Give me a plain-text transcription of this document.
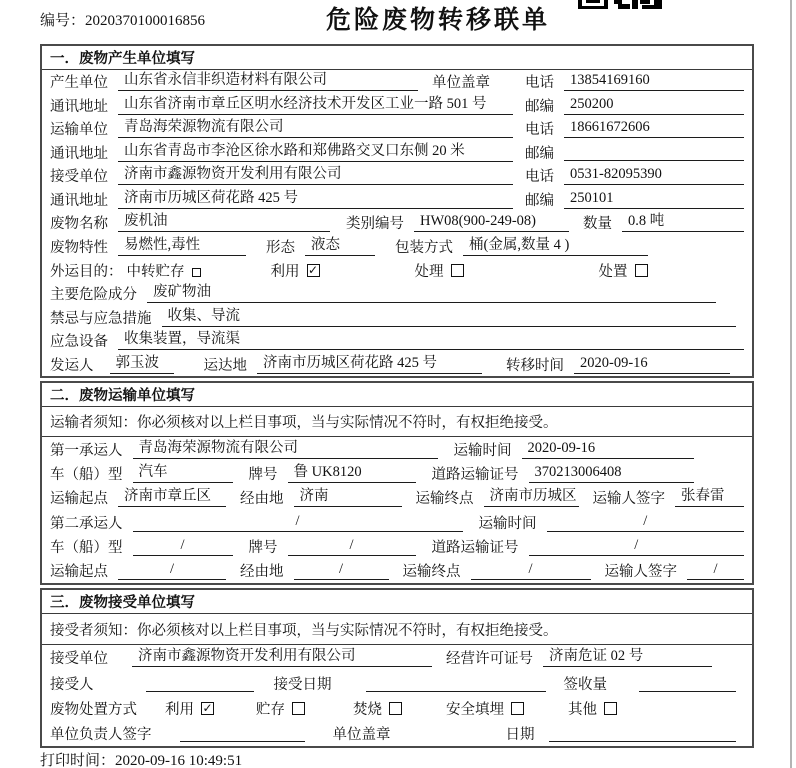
编号：2020370100016856	危险废物转移联单
一．废物产生单位填写
产生单位	山东省永信非织造材料有限公司	单位盖章 电话	13854169160
通讯地址	山东省济南市章丘区明水经济技术开发区工业一路 501 号	邮编	250200
运输单位	青岛海荣源物流有限公司	电话	18661672606
通讯地址	山东省青岛市李沧区徐水路和郑佛路交叉口东侧 20 米	邮编
接受单位	济南市鑫源物资开发利用有限公司	电话	0531-82095390
通讯地址	济南市历城区荷花路 425 号	邮编	250101
废物名称	废机油	类别编号	HW08(900-249-08)	数量	0.8 吨
废物特性	易燃性,毒性	形态	液态	包装方式	桶(金属,数量 4 )
外运目的： 中转贮存	利用 ✓	处理	处置
主要危险成分	废矿物油
禁忌与应急措施	收集、导流
应急设备	收集装置，导流渠
发运人	郭玉波	运达地	济南市历城区荷花路 425 号	转移时间	2020-09-16
二．废物运输单位填写
运输者须知：你必须核对以上栏目事项，当与实际情况不符时，有权拒绝接受。
第一承运人	青岛海荣源物流有限公司	运输时间	2020-09-16
车（船）型	汽车	牌号	鲁 UK8120	道路运输证号	370213006408
运输起点	济南市章丘区	经由地	济南	运输终点	济南市历城区 运输人签字	张春雷
第二承运人	/	运输时间	/
车（船）型	/	牌号	/	道路运输证号	/
运输起点	/	经由地	/	运输终点	/	运输人签字	/
三．废物接受单位填写
接受者须知：你必须核对以上栏目事项，当与实际情况不符时，有权拒绝接受。
接受单位	济南市鑫源物资开发利用有限公司	经营许可证号	济南危证 02 号
接受人	接受日期	签收量
废物处置方式 利用 ✓	贮存	焚烧	安全填埋	其他
单位负责人签字	单位盖章	日期
打印时间：2020-09-16 10:49:51
